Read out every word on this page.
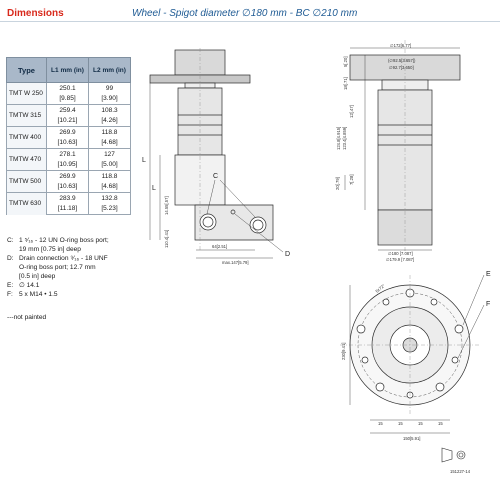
Dimensions	Wheel - Spigot diameter ∅180 mm - BC ∅210 mm
Type	L1 mm (in)	L2 mm (in)
TMT W 250	250.1	99
	[9.85]	[3.90]
TMTW 315	259.4	108.3
	[10.21]	[4.26]
TMTW 400	269.9	118.8
	[10.63]	[4.68]
TMTW 470	278.1	127
	[10.95]	[5.00]
TMTW 500	269.9	118.8
	[10.63]	[4.68]
TMTW 630	283.9	132.8
	[11.18]	[5.23]
C: 1 ⁵⁄₁₆ - 12 UN O-ring boss port;
19 mm [0.75 in] deep
D: Drain connection ⁹⁄₁₆ - 18 UNF
O-ring boss port; 12.7 mm
[0.5 in] deep
E: ∅ 14.1
F: 5 x M14 • 1.5
---not painted
C
D
L
L
64[2.51]
max.147[5.79]
14.55[.57]
110.4[.41]
∅172[6.77]
(∅92.5[3.657])
∅92.7[3.650]
∅180 [7.087]
∅179.9 [7.087]
5[.20]
18[.71]
12[.47]
124.8[4.915] 123.4[4.859]
20[.79] 7[.28]
E
F
230[9.41]
150[5.91]
5x72°
15	15	15	15
151227-14
